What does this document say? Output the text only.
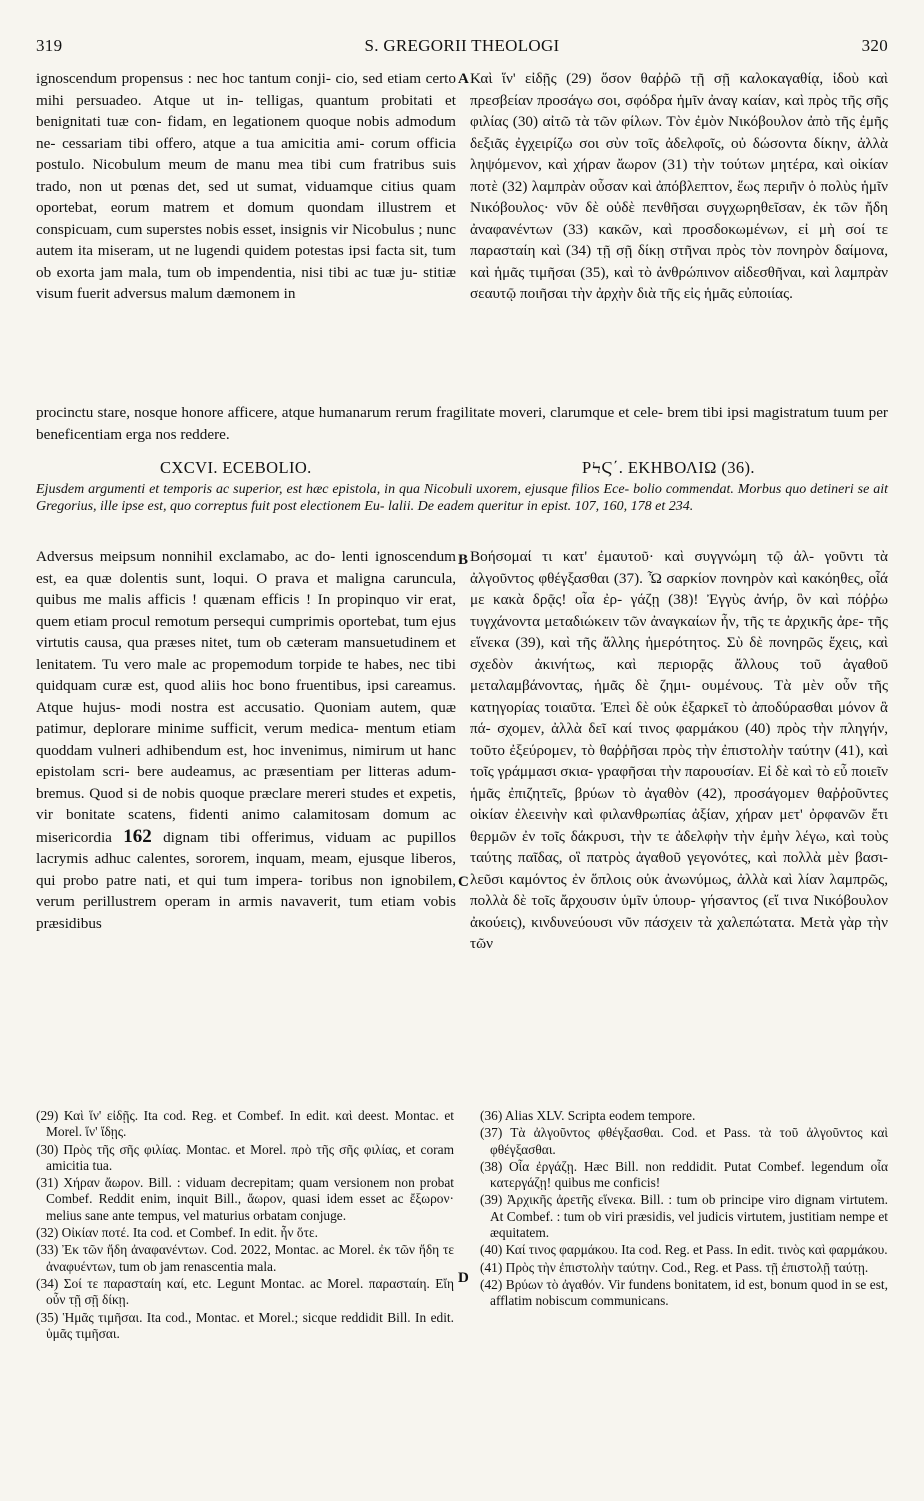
S. GREGORII THEOLOGI
319	320
ignoscendum propensus : nec hoc tantum conji- cio, sed etiam certo mihi persuadeo. Atque ut in- telligas, quantum probitati et benignitati tuæ con- fidam, en legationem quoque nobis admodum ne- cessariam tibi offero, atque a tua amicitia ami- corum officia postulo. Nicobulum meum de manu mea tibi cum fratribus suis trado, non ut pœnas det, sed ut sumat, viduamque citius quam oportebat, eorum matrem et domum quondam illustrem et conspicuam, cum superstes nobis esset, insignis vir Nicobulus ; nunc autem ita miseram, ut ne lugendi quidem potestas ipsi facta sit, tum ob exorta jam mala, tum ob impendentia, nisi tibi ac tuæ ju- stitiæ visum fuerit adversus malum dæmonem in
A Καὶ ἵν' εἰδῇς (29) ὅσον θαῤῥῶ τῇ σῇ καλοκαγαθίᾳ, ἰδοὺ καὶ πρεσβείαν προσάγω σοι, σφόδρα ἡμῖν ἀναγ καίαν, καὶ πρὸς τῆς σῆς φιλίας (30) αἰτῶ τὰ τῶν φίλων. Τὸν ἐμὸν Νικόβουλον ἀπὸ τῆς ἐμῆς δεξιᾶς ἐγχειρίζω σοι σὺν τοῖς ἀδελφοῖς, οὐ δώσοντα δίκην, ἀλλὰ ληψόμενον, καὶ χήραν ἄωρον (31) τὴν τούτων μητέρα, καὶ οἰκίαν ποτὲ (32) λαμπρὰν οὖσαν καὶ ἀπόβλεπτον, ἕως περιῆν ὁ πολὺς ἡμῖν Νικόβουλος· νῦν δὲ οὐδὲ πενθῆσαι συγχωρηθεῖσαν, ἐκ τῶν ἤδη ἀναφανέντων (33) κακῶν, καὶ προσδοκωμένων, εἰ μὴ σοί τε παρασταίη καὶ (34) τῇ σῇ δίκῃ στῆναι πρὸς τὸν πονηρὸν δαίμονα, καὶ ἡμᾶς τιμῆσαι (35), καὶ τὸ ἀνθρώπινον αἰδεσθῆναι, καὶ λαμπρὰν σεαυτῷ ποιῆσαι τὴν ἀρχὴν διὰ τῆς εἰς ἡμᾶς εὐποιίας.
procinctu stare, nosque honore afficere, atque humanarum rerum fragilitate moveri, clarumque et cele- brem tibi ipsi magistratum tuum per beneficentiam erga nos reddere.
CXCVI. ECEBOLIO.	ΡϞϚ΄. ΕΚΗΒΟΛΙΩ (36).
Ejusdem argumenti et temporis ac superior, est hæc epistola, in qua Nicobuli uxorem, ejusque filios Ece- bolio commendat. Morbus quo detineri se ait Gregorius, ille ipse est, quo correptus fuit post electionem Eu- lalii. De eadem queritur in epist. 107, 160, 178 et 234.
Adversus meipsum nonnihil exclamabo, ac do- lenti ignoscendum est, ea quæ dolentis sunt, loqui. O prava et maligna caruncula, quibus me malis afficis ! quænam efficis ! In propinquo vir erat, quem etiam procul remotum persequi cumprimis oportebat, tum ejus virtutis causa, qua præses nitet, tum ob cæteram mansuetudinem et lenitatem. Tu vero male ac propemodum torpide te habes, nec tibi quidquam curæ est, quod aliis hoc bono fruentibus, ipsi careamus. Atque hujus- modi nostra est accusatio. Quoniam autem, quæ patimur, deplorare minime sufficit, verum medica- mentum etiam quoddam vulneri adhibendum est, hoc invenimus, nimirum ut hanc epistolam scri- bere audeamus, ac præsentiam per litteras adum- bremus. Quod si de nobis quoque præclare mereri studes et expetis, vir bonitate scatens, fidenti animo calamitosam domum ac misericordia 162 dignam tibi offerimus, viduam ac pupillos lacrymis adhuc calentes, sororem, inquam, meam, ejusque liberos, qui probo patre nati, et qui tum impera- toribus non ignobilem, verum perillustrem operam in armis navaverit, tum etiam vobis præsidibus
B
C
Βοήσομαί τι κατ' ἐμαυτοῦ· καὶ συγγνώμη τῷ ἀλ- γοῦντι τὰ ἀλγοῦντος φθέγξασθαι (37). Ὦ σαρκίον πονηρὸν καὶ κακόηθες, οἷά με κακὰ δρᾷς! οἷα ἐρ- γάζῃ (38)! Ἐγγὺς ἀνήρ, ὃν καὶ πόῤῥω τυγχάνοντα μεταδιώκειν τῶν ἀναγκαίων ἦν, τῆς τε ἀρχικῆς ἀρε- τῆς εἵνεκα (39), καὶ τῆς ἄλλης ἡμερότητος. Σὺ δὲ πονηρῶς ἔχεις, καὶ σχεδὸν ἀκινήτως, καὶ περιορᾷς ἄλλους τοῦ ἀγαθοῦ μεταλαμβάνοντας, ἡμᾶς δὲ ζημι- ουμένους. Τὰ μὲν οὖν τῆς κατηγορίας τοιαῦτα. Ἐπεὶ δὲ οὐκ ἐξαρκεῖ τὸ ἀποδύρασθαι μόνον ἃ πά- σχομεν, ἀλλὰ δεῖ καί τινος φαρμάκου (40) πρὸς τὴν πληγήν, τοῦτο ἐξεύρομεν, τὸ θαῤῥῆσαι πρὸς τὴν ἐπιστολὴν ταύτην (41), καὶ τοῖς γράμμασι σκια- γραφῆσαι τὴν παρουσίαν. Εἰ δὲ καὶ τὸ εὖ ποιεῖν ἡμᾶς ἐπιζητεῖς, βρύων τὸ ἀγαθὸν (42), προσάγομεν θαῤῥοῦντες οἰκίαν ἐλεεινὴν καὶ φιλανθρωπίας ἀξίαν, χήραν μετ' ὀρφανῶν ἔτι θερμῶν ἐν τοῖς δάκρυσι, τὴν τε ἀδελφὴν τὴν ἐμὴν λέγω, καὶ τοὺς ταύτης παῖδας, οἳ πατρὸς ἀγαθοῦ γεγονότες, καὶ πολλὰ μὲν βασι- λεῦσι καμόντος ἐν ὅπλοις οὐκ ἀνωνύμως, ἀλλὰ καὶ λίαν λαμπρῶς, πολλὰ δὲ τοῖς ἄρχουσιν ὑμῖν ὑπουρ- γήσαντος (εἴ τινα Νικόβουλον ἀκούεις), κινδυνεύουσι νῦν πάσχειν τὰ χαλεπώτατα. Μετὰ γὰρ τὴν τῶν

(29) Καὶ ἵν' εἰδῇς. Ita cod. Reg. et Combef. In edit. καὶ deest. Montac. et Morel. ἵν' ἴδῃς.

(30) Πρὸς τῆς σῆς φιλίας. Montac. et Morel. πρὸ τῆς σῆς φιλίας, et coram amicitia tua.

(31) Χήραν ἄωρον. Bill. : viduam decrepitam; quam versionem non probat Combef. Reddit enim, inquit Bill., ἄωρον, quasi idem esset ac ἔξωρον· melius sane ante tempus, vel maturius orbatam conjuge.

(32) Οἰκίαν ποτέ. Ita cod. et Combef. In edit. ἦν ὅτε.

(33) Ἐκ τῶν ἤδη ἀναφανέντων. Cod. 2022, Montac. ac Morel. ἐκ τῶν ἤδη τε ἀναφυέντων, tum ob jam renascentia mala.

(34) Σοί τε παρασταίη καί, etc. Legunt Montac. ac Morel. παρασταίη. Εἴη οὖν τῇ σῇ δίκῃ.

(35) Ἡμᾶς τιμῆσαι. Ita cod., Montac. et Morel.; sicque reddidit Bill. In edit. ὑμᾶς τιμῆσαι.

D

(36) Alias XLV. Scripta eodem tempore.

(37) Τὰ ἀλγοῦντος φθέγξασθαι. Cod. et Pass. τὰ τοῦ ἀλγοῦντος καὶ φθέγξασθαι.

(38) Οἷα ἐργάζῃ. Hæc Bill. non reddidit. Putat Combef. legendum οἷα κατεργάζῃ! quibus me conficis!

(39) Ἀρχικῆς ἀρετῆς εἵνεκα. Bill. : tum ob principe viro dignam virtutem. At Combef. : tum ob viri præsidis, vel judicis virtutem, justitiam nempe et æquitatem.

(40) Καί τινος φαρμάκου. Ita cod. Reg. et Pass. In edit. τινὸς καὶ φαρμάκου.

(41) Πρὸς τὴν ἐπιστολὴν ταύτην. Cod., Reg. et Pass. τῇ ἐπιστολῇ ταύτῃ.

(42) Βρύων τὸ ἀγαθόν. Vir fundens bonitatem, id est, bonum quod in se est, afflatim nobiscum communicans.
